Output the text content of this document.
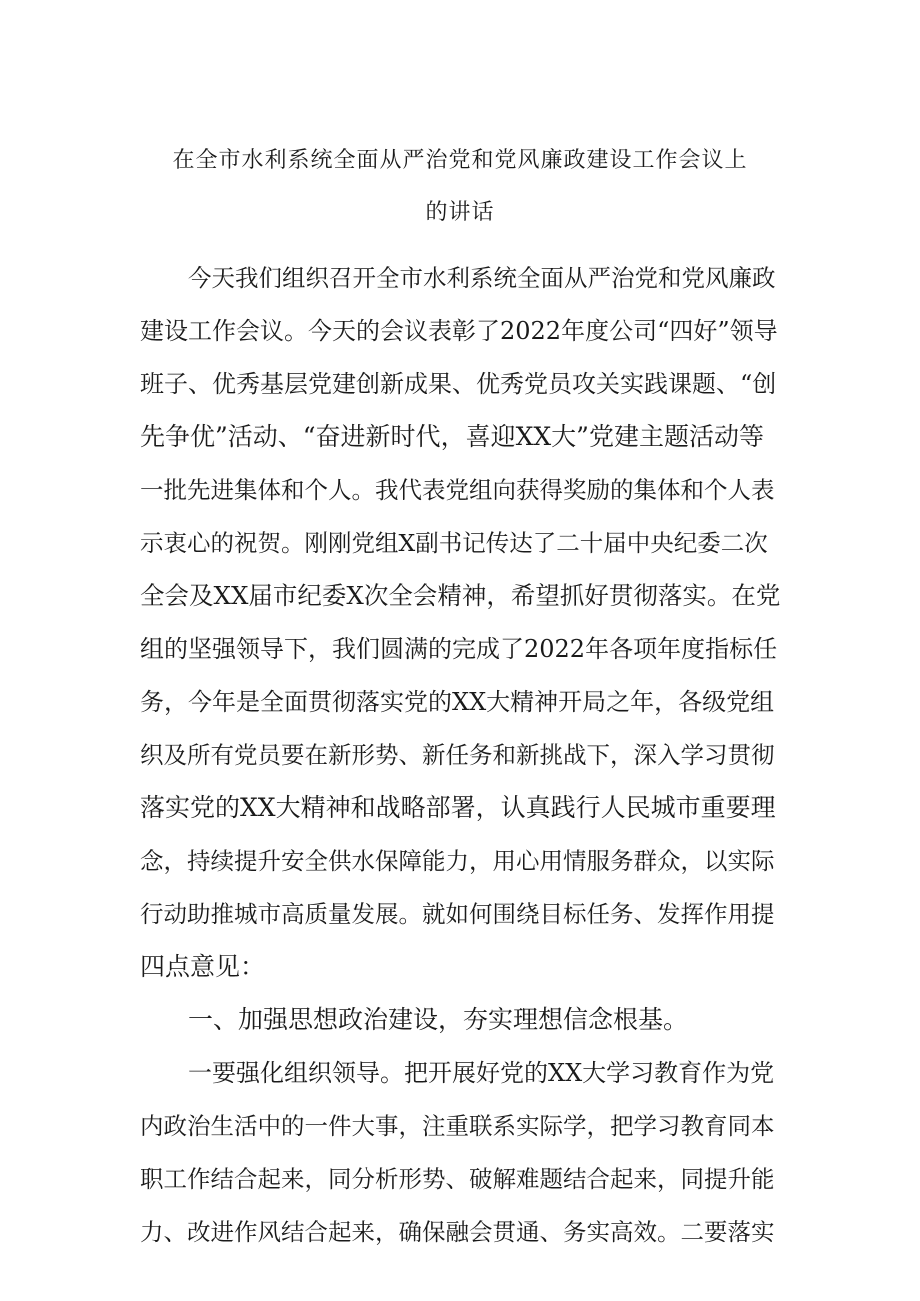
在全市水利系统全面从严治党和党风廉政建设工作会议上
的讲话
今天我们组织召开全市水利系统全面从严治党和党风廉政
建设工作会议。今天的会议表彰了2022年度公司“四好”领导
班子、优秀基层党建创新成果、优秀党员攻关实践课题、“创
先争优”活动、“奋进新时代，喜迎XX大”党建主题活动等
一批先进集体和个人。我代表党组向获得奖励的集体和个人表
示衷心的祝贺。刚刚党组X副书记传达了二十届中央纪委二次
全会及XX届市纪委X次全会精神，希望抓好贯彻落实。在党
组的坚强领导下，我们圆满的完成了2022年各项年度指标任
务，今年是全面贯彻落实党的XX大精神开局之年，各级党组
织及所有党员要在新形势、新任务和新挑战下，深入学习贯彻
落实党的XX大精神和战略部署，认真践行人民城市重要理
念，持续提升安全供水保障能力，用心用情服务群众，以实际
行动助推城市高质量发展。就如何围绕目标任务、发挥作用提
四点意见：
一、加强思想政治建设，夯实理想信念根基。
一要强化组织领导。把开展好党的XX大学习教育作为党
内政治生活中的一件大事，注重联系实际学，把学习教育同本
职工作结合起来，同分析形势、破解难题结合起来，同提升能
力、改进作风结合起来，确保融会贯通、务实高效。二要落实
